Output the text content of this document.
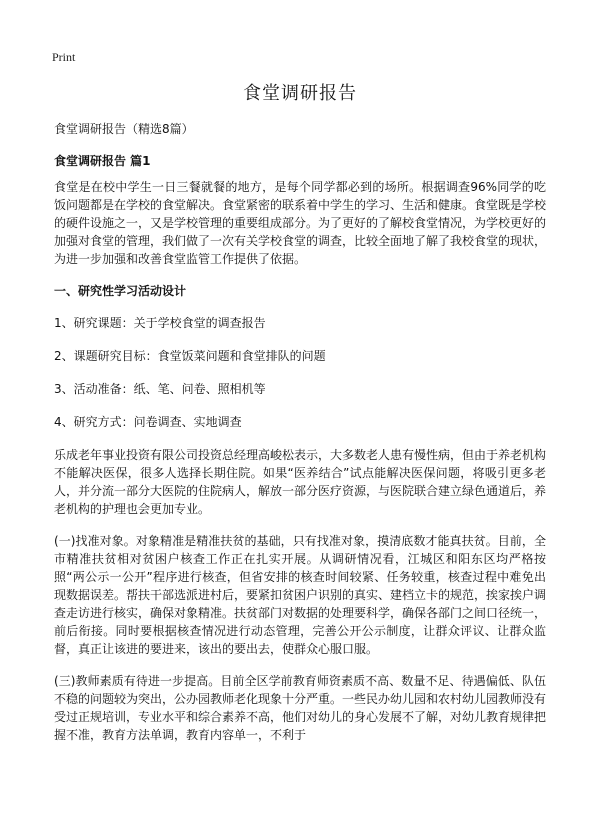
Print
食堂调研报告

食堂调研报告（精选8篇）

食堂调研报告 篇1

食堂是在校中学生一日三餐就餐的地方，是每个同学都必到的场所。根据调查96%同学的吃饭问题都是在学校的食堂解决。食堂紧密的联系着中学生的学习、生活和健康。食堂既是学校的硬件设施之一，又是学校管理的重要组成部分。为了更好的了解校食堂情况，为学校更好的加强对食堂的管理，我们做了一次有关学校食堂的调查，比较全面地了解了我校食堂的现状，为进一步加强和改善食堂监管工作提供了依据。

一、研究性学习活动设计

1、研究课题：关于学校食堂的调查报告

2、课题研究目标：食堂饭菜问题和食堂排队的问题

3、活动准备：纸、笔、问卷、照相机等

4、研究方式：问卷调查、实地调查

乐成老年事业投资有限公司投资总经理高峻松表示，大多数老人患有慢性病，但由于养老机构不能解决医保，很多人选择长期住院。如果“医养结合”试点能解决医保问题，将吸引更多老人，并分流一部分大医院的住院病人，解放一部分医疗资源，与医院联合建立绿色通道后，养老机构的护理也会更加专业。

(一)找准对象。对象精准是精准扶贫的基础，只有找准对象，摸清底数才能真扶贫。目前，全市精准扶贫相对贫困户核查工作正在扎实开展。从调研情况看，江城区和阳东区均严格按照“两公示一公开”程序进行核查，但省安排的核查时间较紧、任务较重，核查过程中难免出现数据误差。帮扶干部选派进村后，要紧扣贫困户识别的真实、建档立卡的规范，挨家挨户调查走访进行核实，确保对象精准。扶贫部门对数据的处理要科学，确保各部门之间口径统一，前后衔接。同时要根据核查情况进行动态管理，完善公开公示制度，让群众评议、让群众监督，真正让该进的要进来，该出的要出去，使群众心服口服。

(三)教师素质有待进一步提高。目前全区学前教育师资素质不高、数量不足、待遇偏低、队伍不稳的问题较为突出，公办园教师老化现象十分严重。一些民办幼儿园和农村幼儿园教师没有受过正规培训，专业水平和综合素养不高，他们对幼儿的身心发展不了解，对幼儿教育规律把握不准，教育方法单调，教育内容单一，不利于
